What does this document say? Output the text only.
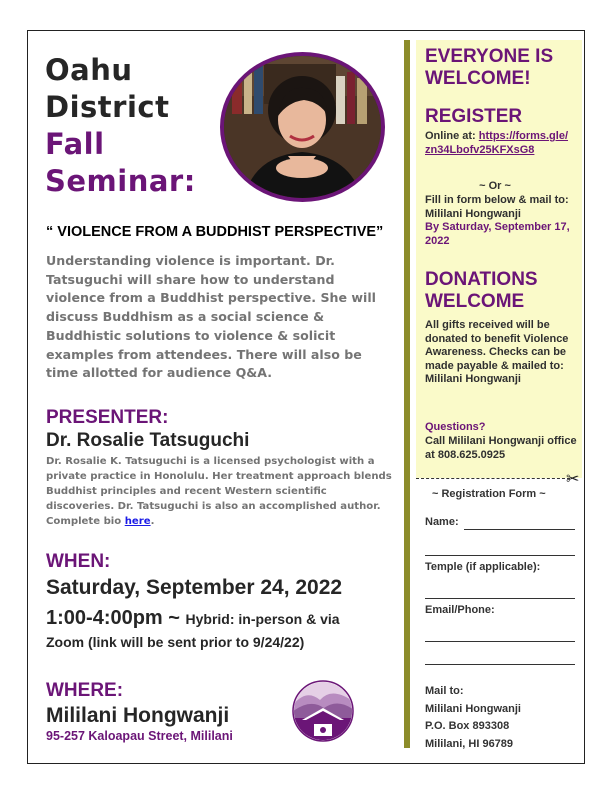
Oahu
District
Fall
Seminar:
“ VIOLENCE FROM A BUDDHIST PERSPECTIVE”
Understanding violence is important. Dr. Tatsuguchi will share how to understand violence from a Buddhist perspective. She will discuss Buddhism as a social science & Buddhistic solutions to violence & solicit examples from attendees. There will also be time allotted for audience Q&A.
PRESENTER:
Dr. Rosalie Tatsuguchi
Dr. Rosalie K. Tatsuguchi is a licensed psychologist with a private practice in Honolulu. Her treatment approach blends Buddhist principles and recent Western scientific discoveries. Dr. Tatsuguchi is also an accomplished author. Complete bio here.
WHEN:
Saturday, September 24, 2022
1:00-4:00pm ~ Hybrid: in-person & via
Zoom (link will be sent prior to 9/24/22)
WHERE:
Mililani Hongwanji
95-257 Kaloapau Street, Mililani
EVERYONE IS WELCOME!
REGISTER
Online at: https://​forms.gle/​zn34Lbofv25KFXsG8
~ Or ~
Fill in form below & mail to: Mililani Hongwanji
By Saturday, September 17, 2022
DONATIONS WELCOME
All gifts received will be donated to benefit Violence Awareness. Checks can be made payable & mailed to: Mililani Hongwanji
Questions?
Call Mililani Hongwanji office at 808.625.0925
✂
~ Registration Form ~
Name:
Temple (if applicable):
Email/Phone:
Mail to:
Mililani Hongwanji
P.O. Box 893308
Mililani, HI 96789
